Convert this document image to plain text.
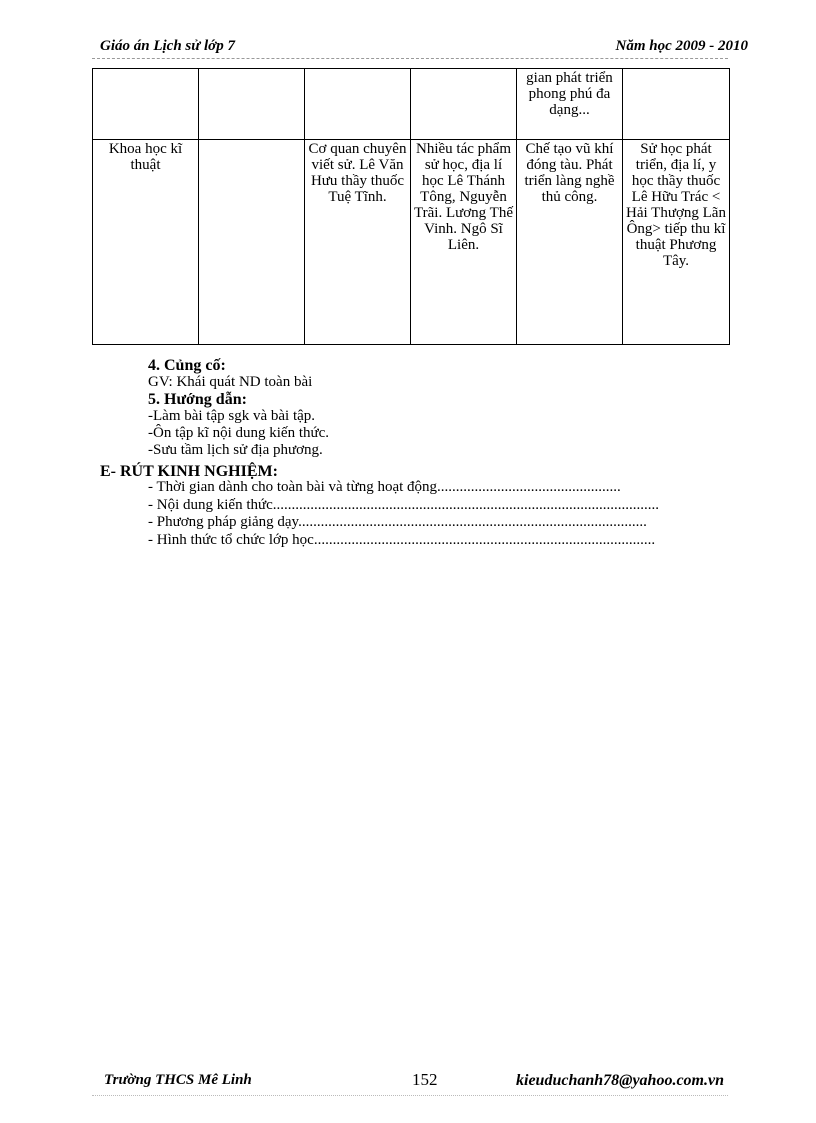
Giáo án Lịch sử lớp 7	Năm học 2009 - 2010
				gian phát triển phong phú đa dạng...	
Khoa học kĩ thuật		Cơ quan chuyên viết sử. Lê Văn Hưu thầy thuốc Tuệ Tĩnh.	Nhiều tác phẩm sử học, địa lí học Lê Thánh Tông, Nguyễn Trãi. Lương Thế Vinh. Ngô Sĩ Liên.	Chế tạo vũ khí đóng tàu. Phát triển làng nghề thủ công.	Sử học phát triển, địa lí, y học thầy thuốc Lê Hữu Trác < Hải Thượng Lãn Ông> tiếp thu kĩ thuật Phương Tây.
4. Củng cố:
GV: Khái quát ND toàn bài
5. Hướng dẫn:
-Làm bài tập sgk và bài tập.
-Ôn tập kĩ nội dung kiến thức.
-Sưu tầm lịch sử địa phương.
E- RÚT KINH NGHIỆM:
- Thời gian dành cho toàn bài và từng hoạt động.................................................
- Nội dung kiến thức.......................................................................................................
- Phương pháp giảng dạy.............................................................................................
- Hình thức tổ chức lớp học...........................................................................................
Trường THCS Mê Linh	152	kieuduchanh78@yahoo.com.vn
